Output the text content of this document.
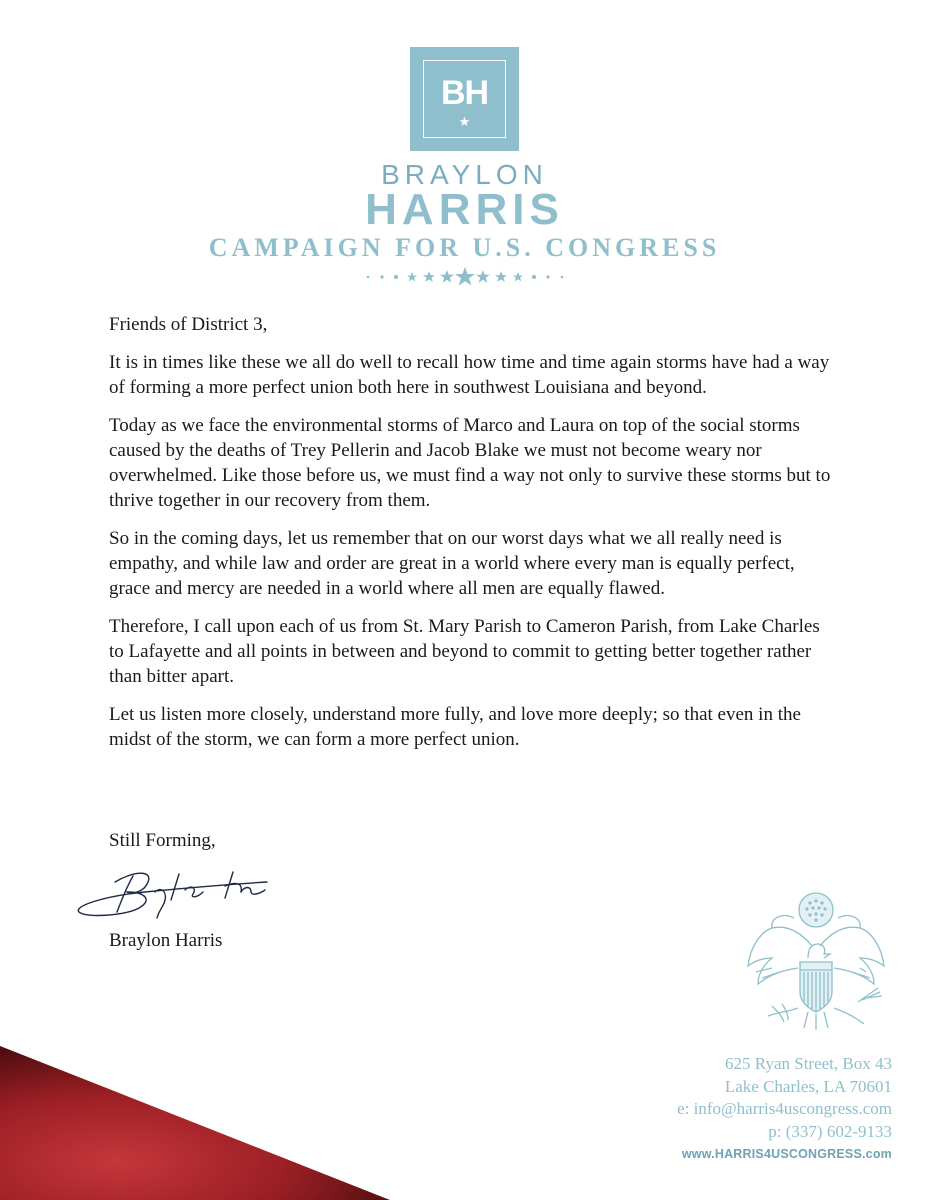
BH
★
BRAYLON
HARRIS
CAMPAIGN FOR U.S. CONGRESS

Friends of District 3,

It is in times like these we all do well to recall how time and time again storms have had a way of forming a more perfect union both here in southwest Louisiana and beyond.

Today as we face the environmental storms of Marco and Laura on top of the social storms caused by the deaths of Trey Pellerin and Jacob Blake we must not become weary nor overwhelmed. Like those before us, we must find a way not only to survive these storms but to thrive together in our recovery from them.

So in the coming days, let us remember that on our worst days what we all really need is empathy, and while law and order are great in a world where every man is equally perfect, grace and mercy are needed in a world where all men are equally flawed.

Therefore, I call upon each of us from St. Mary Parish to Cameron Parish, from Lake Charles to Lafayette and all points in between and beyond to commit to getting better together rather than bitter apart.

Let us listen more closely, understand more fully, and love more deeply; so that even in the midst of the storm, we can form a more perfect union.

Still Forming,
Braylon Harris
625 Ryan Street, Box 43
Lake Charles, LA 70601
e: info@harris4uscongress.com
p: (337) 602-9133
www.HARRIS4USCONGRESS.com
